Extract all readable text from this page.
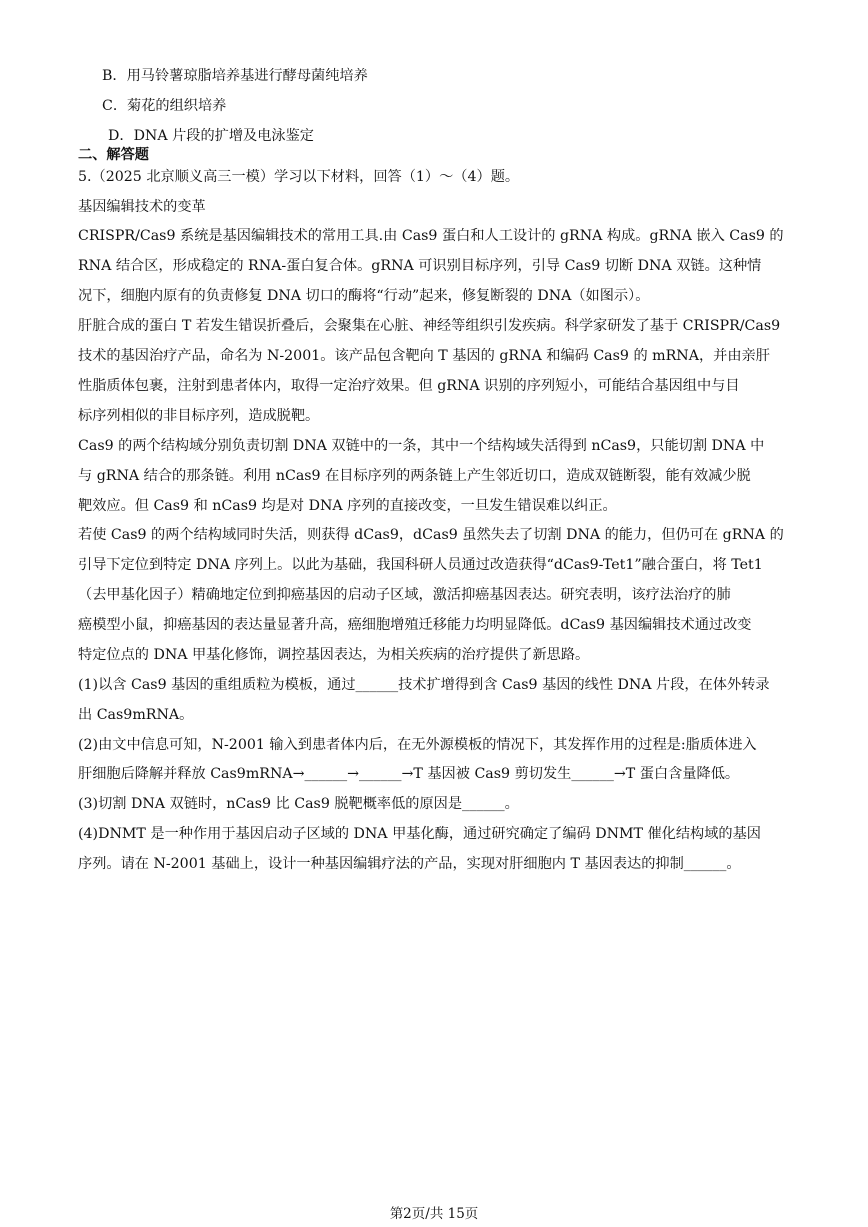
B．用马铃薯琼脂培养基进行酵母菌纯培养
C．菊花的组织培养
D．DNA 片段的扩增及电泳鉴定
二、解答题
5.（2025 北京顺义高三一模）学习以下材料，回答（1）～（4）题。
基因编辑技术的变革
CRISPR/Cas9 系统是基因编辑技术的常用工具.由 Cas9 蛋白和人工设计的 gRNA 构成。gRNA 嵌入 Cas9 的
RNA 结合区，形成稳定的 RNA-蛋白复合体。gRNA 可识别目标序列，引导 Cas9 切断 DNA 双链。这种情
况下，细胞内原有的负责修复 DNA 切口的酶将“行动”起来，修复断裂的 DNA（如图示）。
肝脏合成的蛋白 T 若发生错误折叠后，会聚集在心脏、神经等组织引发疾病。科学家研发了基于 CRISPR/Cas9
技术的基因治疗产品，命名为 N-2001。该产品包含靶向 T 基因的 gRNA 和编码 Cas9 的 mRNA，并由亲肝
性脂质体包裹，注射到患者体内，取得一定治疗效果。但 gRNA 识别的序列短小，可能结合基因组中与目
标序列相似的非目标序列，造成脱靶。
Cas9 的两个结构域分别负责切割 DNA 双链中的一条，其中一个结构域失活得到 nCas9，只能切割 DNA 中
与 gRNA 结合的那条链。利用 nCas9 在目标序列的两条链上产生邻近切口，造成双链断裂，能有效减少脱
靶效应。但 Cas9 和 nCas9 均是对 DNA 序列的直接改变，一旦发生错误难以纠正。
若使 Cas9 的两个结构域同时失活，则获得 dCas9，dCas9 虽然失去了切割 DNA 的能力，但仍可在 gRNA 的
引导下定位到特定 DNA 序列上。以此为基础，我国科研人员通过改造获得“dCas9-Tet1”融合蛋白，将 Tet1
（去甲基化因子）精确地定位到抑癌基因的启动子区域，激活抑癌基因表达。研究表明，该疗法治疗的肺
癌模型小鼠，抑癌基因的表达量显著升高，癌细胞增殖迁移能力均明显降低。dCas9 基因编辑技术通过改变
特定位点的 DNA 甲基化修饰，调控基因表达，为相关疾病的治疗提供了新思路。
(1)以含 Cas9 基因的重组质粒为模板，通过______技术扩增得到含 Cas9 基因的线性 DNA 片段，在体外转录
出 Cas9mRNA。
(2)由文中信息可知，N-2001 输入到患者体内后，在无外源模板的情况下，其发挥作用的过程是:脂质体进入
肝细胞后降解并释放 Cas9mRNA→______→______→T 基因被 Cas9 剪切发生______→T 蛋白含量降低。
(3)切割 DNA 双链时，nCas9 比 Cas9 脱靶概率低的原因是______。
(4)DNMT 是一种作用于基因启动子区域的 DNA 甲基化酶，通过研究确定了编码 DNMT 催化结构域的基因
序列。请在 N-2001 基础上，设计一种基因编辑疗法的产品，实现对肝细胞内 T 基因表达的抑制______。
第2页/共 15页
